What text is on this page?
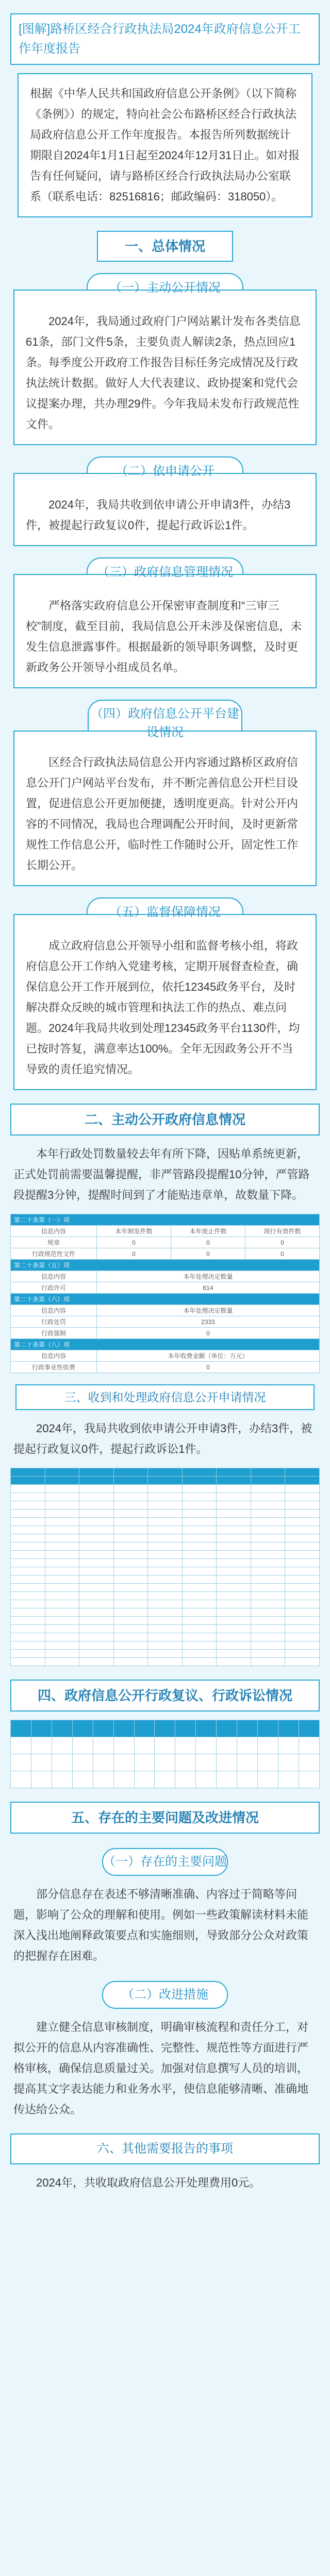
[图解]路桥区经合行政执法局2024年政府信息公开工作年度报告
根据《中华人民共和国政府信息公开条例》（以下简称《条例》）的规定，特向社会公布路桥区经合行政执法局政府信息公开工作年度报告。本报告所列数据统计期限自2024年1月1日起至2024年12月31日止。如对报告有任何疑问，请与路桥区经合行政执法局办公室联系（联系电话：82516816；邮政编码：318050）。
一、总体情况
（一）主动公开情况
2024年，我局通过政府门户网站累计发布各类信息61条，部门文件5条，主要负责人解读2条，热点回应1条。每季度公开政府工作报告目标任务完成情况及行政执法统计数据。做好人大代表建议、政协提案和党代会议提案办理，共办理29件。今年我局未发布行政规范性文件。
（二）依申请公开
2024年，我局共收到依申请公开申请3件，办结3件，被提起行政复议0件，提起行政诉讼1件。
（三）政府信息管理情况
严格落实政府信息公开保密审查制度和“三审三校”制度，截至目前，我局信息公开未涉及保密信息，未发生信息泄露事件。根据最新的领导职务调整，及时更新政务公开领导小组成员名单。
（四）政府信息公开平台建设情况
区经合行政执法局信息公开内容通过路桥区政府信息公开门户网站平台发布，并不断完善信息公开栏目设置，促进信息公开更加便捷，透明度更高。针对公开内容的不同情况，我局也合理调配公开时间，及时更新常规性工作信息公开，临时性工作随时公开，固定性工作长期公开。
（五）监督保障情况
成立政府信息公开领导小组和监督考核小组，将政府信息公开工作纳入党建考核，定期开展督查检查，确保信息公开工作开展到位，依托12345政务平台，及时解决群众反映的城市管理和执法工作的热点、难点问题。2024年我局共收到处理12345政务平台1130件，均已按时答复，满意率达100%。全年无因政务公开不当导致的责任追究情况。
二、主动公开政府信息情况
本年行政处罚数量较去年有所下降，因贴单系统更新，正式处罚前需要温馨提醒，非严管路段提醒10分钟，严管路段提醒3分钟，提醒时间到了才能贴违章单，故数量下降。
第二十条第（一）项			
信息内容	本年制发件数	本年废止件数	现行有效件数
规章	0	0	0
行政规范性文件	0	0	0
第二十条第（五）项			
信息内容	本年处理决定数量		
行政许可	614		
第二十条第（六）项			
信息内容	本年处理决定数量		
行政处罚	2333		
行政强制	0		
第二十条第（八）项			
信息内容	本年收费金额（单位：万元）		
行政事业性收费	0		
三、收到和处理政府信息公开申请情况
2024年，我局共收到依申请公开申请3件，办结3件，被提起行政复议0件，提起行政诉讼1件。

四、政府信息公开行政复议、行政诉讼情况

五、存在的主要问题及改进情况
（一）存在的主要问题
部分信息存在表述不够清晰准确、内容过于简略等问题，影响了公众的理解和使用。例如一些政策解读材料未能深入浅出地阐释政策要点和实施细则，导致部分公众对政策的把握存在困难。
（二）改进措施
建立健全信息审核制度，明确审核流程和责任分工，对拟公开的信息从内容准确性、完整性、规范性等方面进行严格审核，确保信息质量过关。加强对信息撰写人员的培训，提高其文字表达能力和业务水平，使信息能够清晰、准确地传达给公众。
六、其他需要报告的事项
2024年，共收取政府信息公开处理费用0元。
